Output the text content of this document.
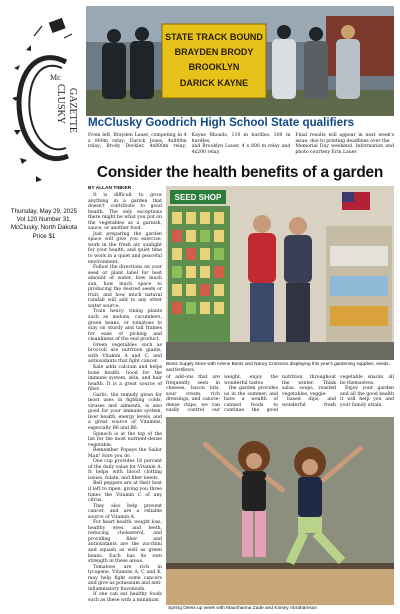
Mc
CLUSKY GAZETTE
Thursday, May 29, 2025
Vol 120 Number 31,
McClusky, North Dakota
Price $1
STATE TRACK BOUND
BRAYDEN BRODY
BROOKLYN
DARICK KAYNE
McClusky Goodrich High School State qualifiers

From left, Brayden Lauer, competing in 4 x 800m relay; Darick Jones, 4x800m relay; Brody Deckler, 4x800m relay; Kayne Rhoads, 110 m hurdles, 300 m hurdles,

and Brooklyn Lauer, 4 x 800 m relay and 4x200 relay.

Final results will appear in next week's issue, due to printing deadlines over the

Memorial Day weekend. Information and photo courtesy Erin Lauer

Consider the health benefits of a garden
BY ALLAN TINKER

It is difficult to grow anything in a garden that doesn't contribute to good health. The only exceptions there might be what you put on the vegetables as a garnish, sauce, or another food.

Just preparing the garden space will give you exercise, work in the fresh air, sunlight for your health, and quiet time to work in a quiet and peaceful environment.

Follow the directions on your seed or plant label for best amount of water, how much sun, how much space to producing the desired seeds or fruit, and how much natural rainfall will add to any other water source.

Train heavy vining plants such as melons, cucumbers, green beans, or tomatoes to stay on sturdy and tall frames for ease of picking and cleanliness of the end product.

Green vegetables such as broccoli are nutrition giants, with Vitamin A and C, and antioxidants that fight cancer.

Kale adds calcium and helps bone health. Good for the immune system, skin, and hair health. It is a great source of fiber.

Garlic, the remedy given for most uses in fighting colds, viruses and ailments, is also good for your immune system, liver health, energy levels, and a great source of Vitamins, especially B6 and B6.

Spinach is at the top of the list for the most nutrient-dense vegetable.

Remember Popeye the Sailor Man! Sure you do.

One cup provides 16 percent of the daily value for Vitamin A. It helps with blood clotting issues, folate, and fiber needs.

Bell peppers are at their best if left to ripen, giving you three times the Vitamin C of any citrus.

They also help prevent cancer, and are a reliable source of Vitamin A.

For heart health, weight loss, healthy eyes, and teeth, reducing cholesterol, and providing fiber and antioxidants are the zucchini and squash as well as green beans. Each has its own strength in these areas.

Tomatoes are rich in lycopene, Vitamins A, C and K, may help fight some cancers and give us potassium and anti-inflammatory flavonoids.

If one can eat healthy foods such as these with a minimum

SEED SHOP
Bentz Supply Store with Arlene Bentz and Nancy Crimmins displaying this year's gardening supplies, seeds, and fertilizers.

of add-ons that are frequently seen in cheeses, bacon bits, sour cream, rich dressings, and calorie-dense chips, we can easily control our weight, enjoy the wonderful tastes

the garden provides us in the summer, and have a wealth of canned foods to continue the good nutrition throughout the winter. Think salsa, soups, roasted vegetables, veggie-

based dips, and wonderful fresh vegetable snacks all be themselves.

Enjoy your garden and all the good health it will help you and your family attain.

Spring Dress up week with Maurihanna Zade and Kinsey Abrahamson
